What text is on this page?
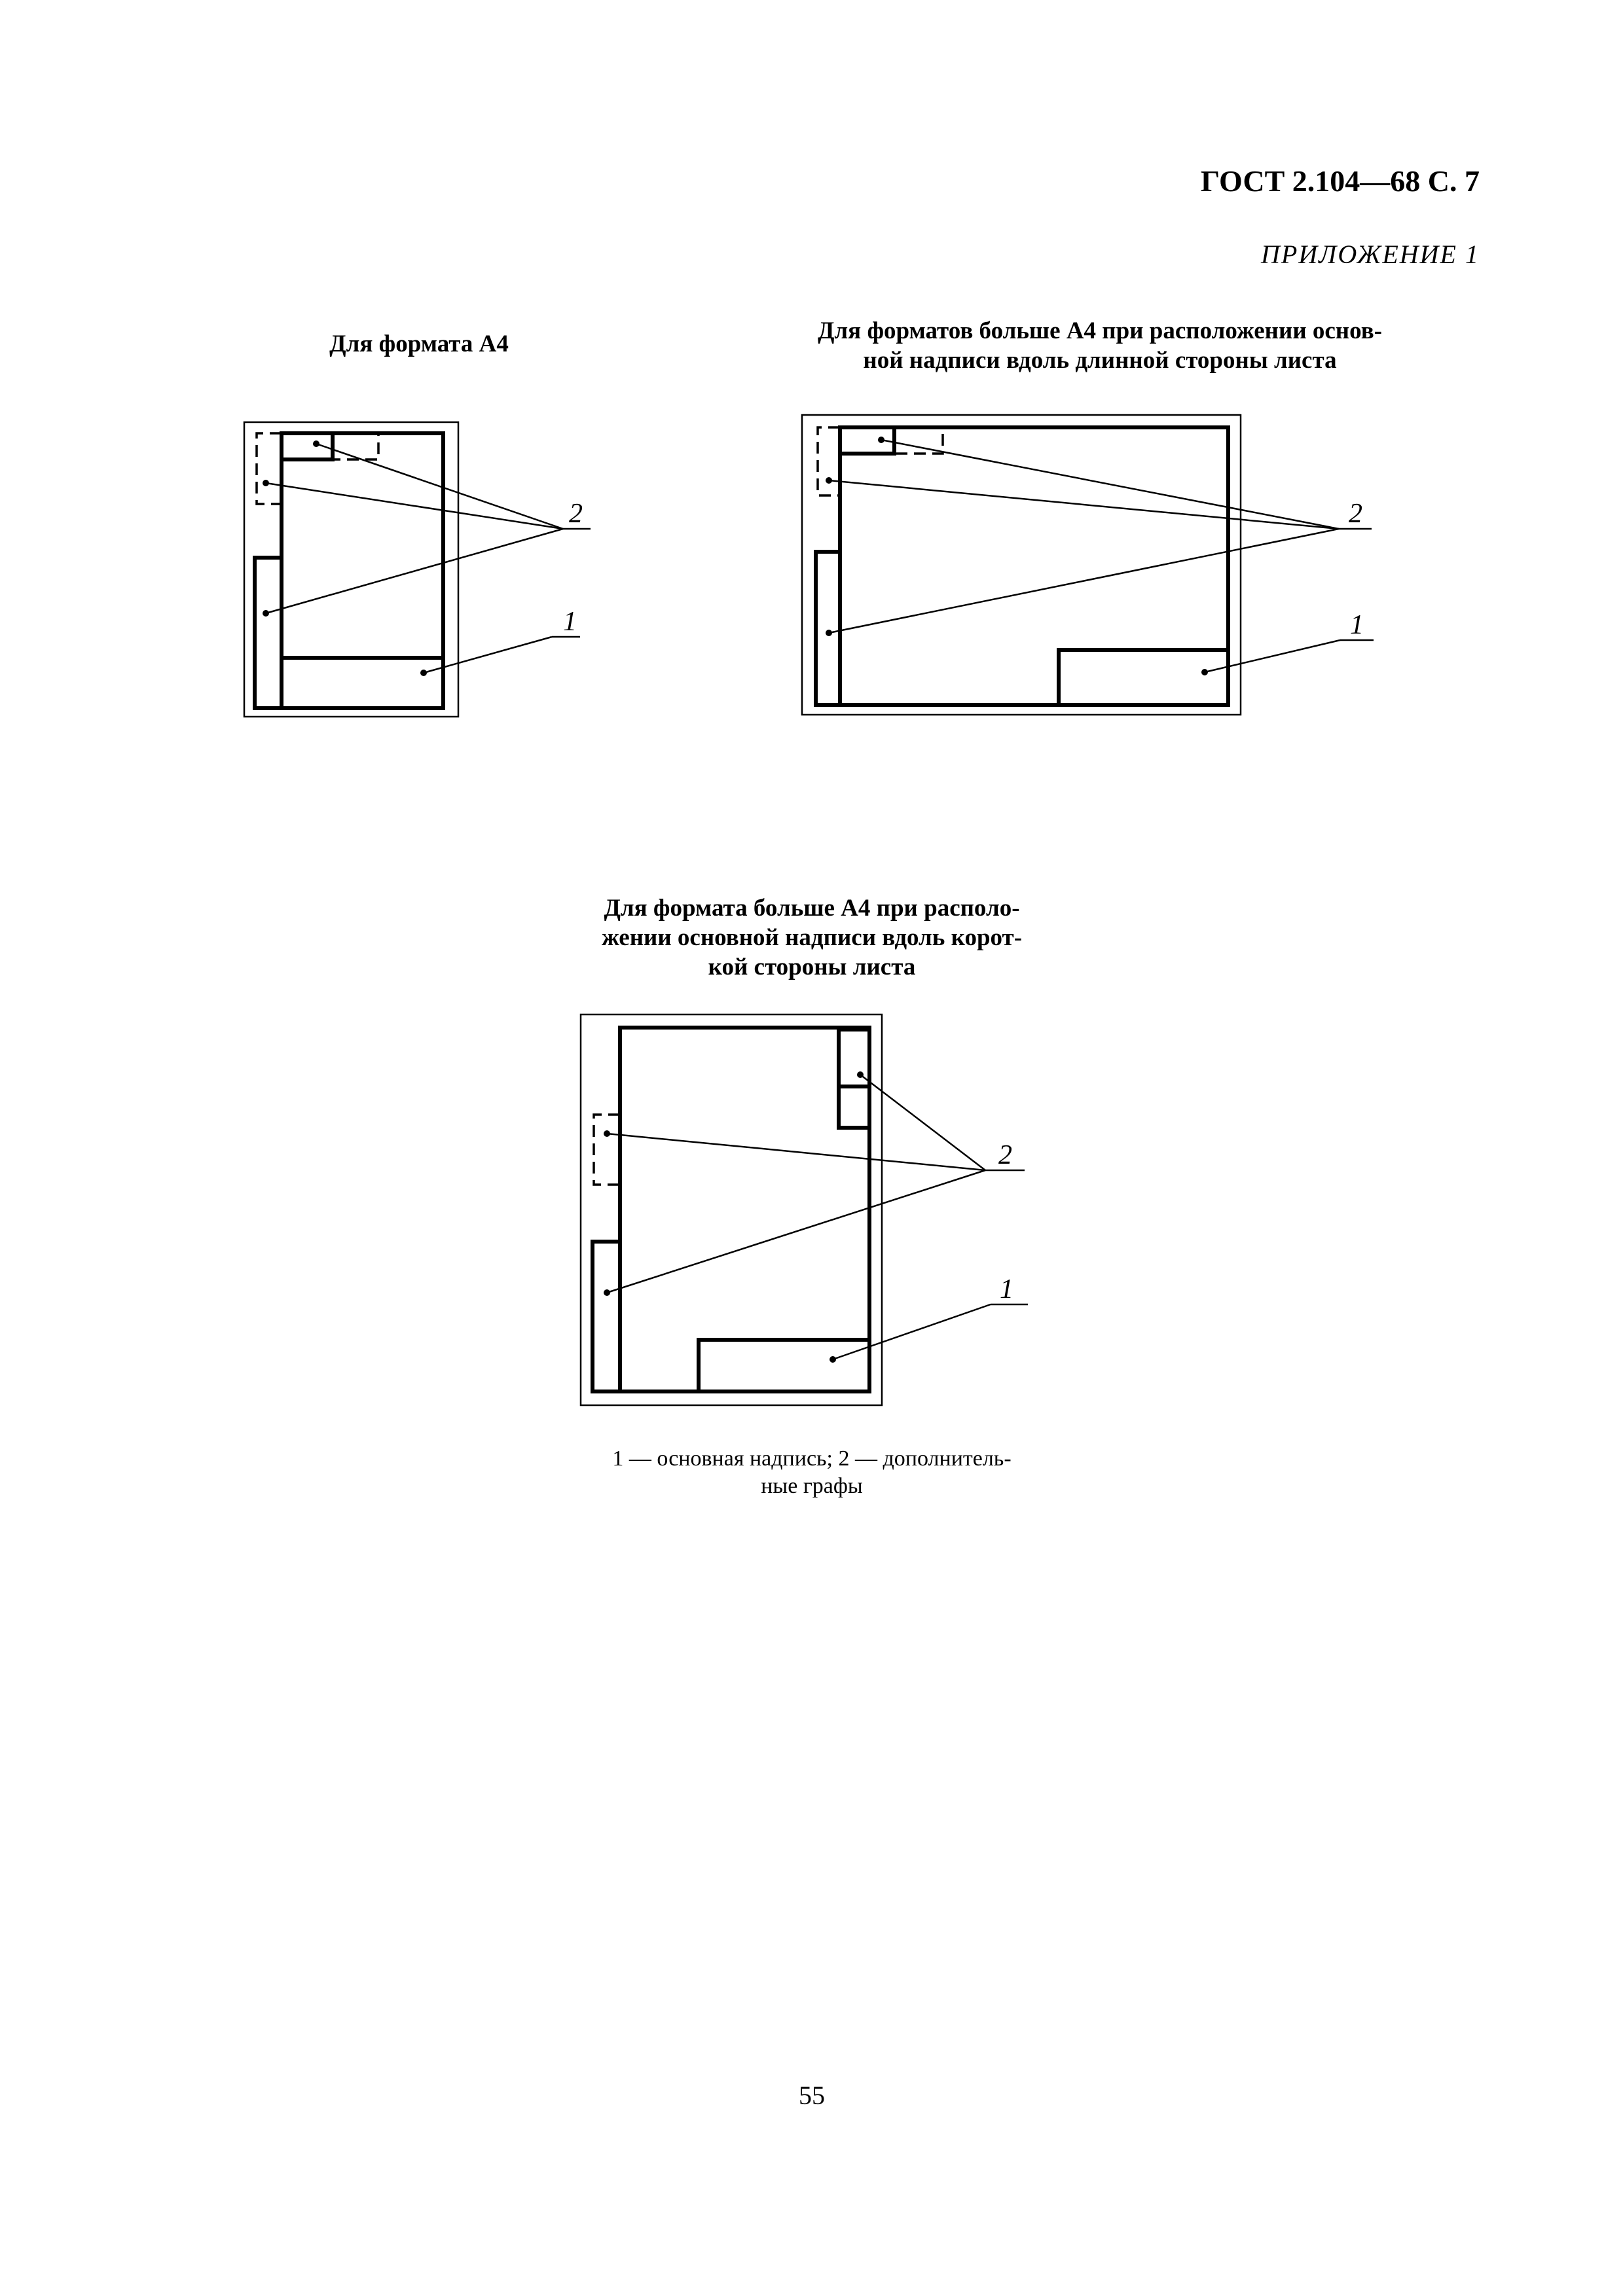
ГОСТ 2.104—68 С. 7
ПРИЛОЖЕНИЕ 1
Для формата А4	Для форматов больше А4 при расположении основ-
ной надписи вдоль длинной стороны листа
Для формата больше А4 при располо-
жении основной надписи вдоль корот-
кой стороны листа
2
1
2
1
2
1
1 — основная надпись; 2 — дополнитель-
ные графы
55
